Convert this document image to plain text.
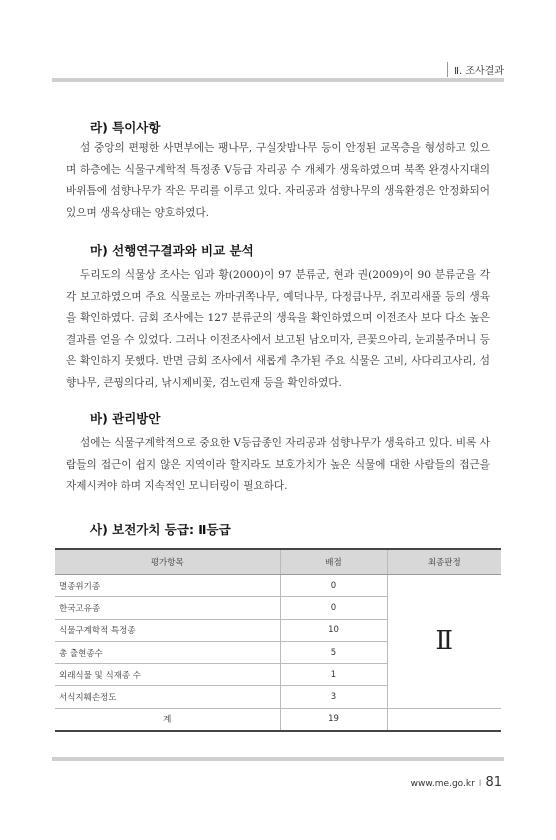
Ⅱ. 조사결과
라) 특이사항

섬 중앙의 편평한 사면부에는 팽나무, 구실잣밤나무 등이 안정된 교목층을 형성하고 있으며 하층에는 식물구계학적 특정종 V등급 자리공 수 개체가 생육하였으며 북쪽 완경사지대의 바위틈에 섬향나무가 작은 무리를 이루고 있다. 자리공과 섬향나무의 생육환경은 안정화되어 있으며 생육상태는 양호하였다.

마) 선행연구결과와 비교 분석

두리도의 식물상 조사는 임과 황(2000)이 97 분류군, 현과 권(2009)이 90 분류군을 각각 보고하였으며 주요 식물로는 까마귀쪽나무, 예덕나무, 다정큼나무, 쥐꼬리새풀 등의 생육을 확인하였다. 금회 조사에는 127 분류군의 생육을 확인하였으며 이전조사 보다 다소 높은 결과를 얻을 수 있었다. 그러나 이전조사에서 보고된 남오미자, 큰꽃으아리, 눈괴불주머니 등은 확인하지 못했다. 반면 금회 조사에서 새롭게 추가된 주요 식물은 고비, 사다리고사리, 섬향나무, 큰꿩의다리, 낚시제비꽃, 검노린재 등을 확인하였다.

바) 관리방안

섬에는 식물구계학적으로 중요한 V등급종인 자리공과 섬향나무가 생육하고 있다. 비록 사람들의 접근이 쉽지 않은 지역이라 할지라도 보호가치가 높은 식물에 대한 사람들의 접근을 자제시켜야 하며 지속적인 모니터링이 필요하다.

사) 보전가치 등급: Ⅱ등급
평가항목	배점	최종판정
멸종위기종	0	Ⅱ
한국고유종	0	
식물구계학적 특정종	10	
총 출현종수	5	
외래식물 및 식재종 수	1	
서식지훼손정도	3	
계	19	
www.me.go.kr I 81
